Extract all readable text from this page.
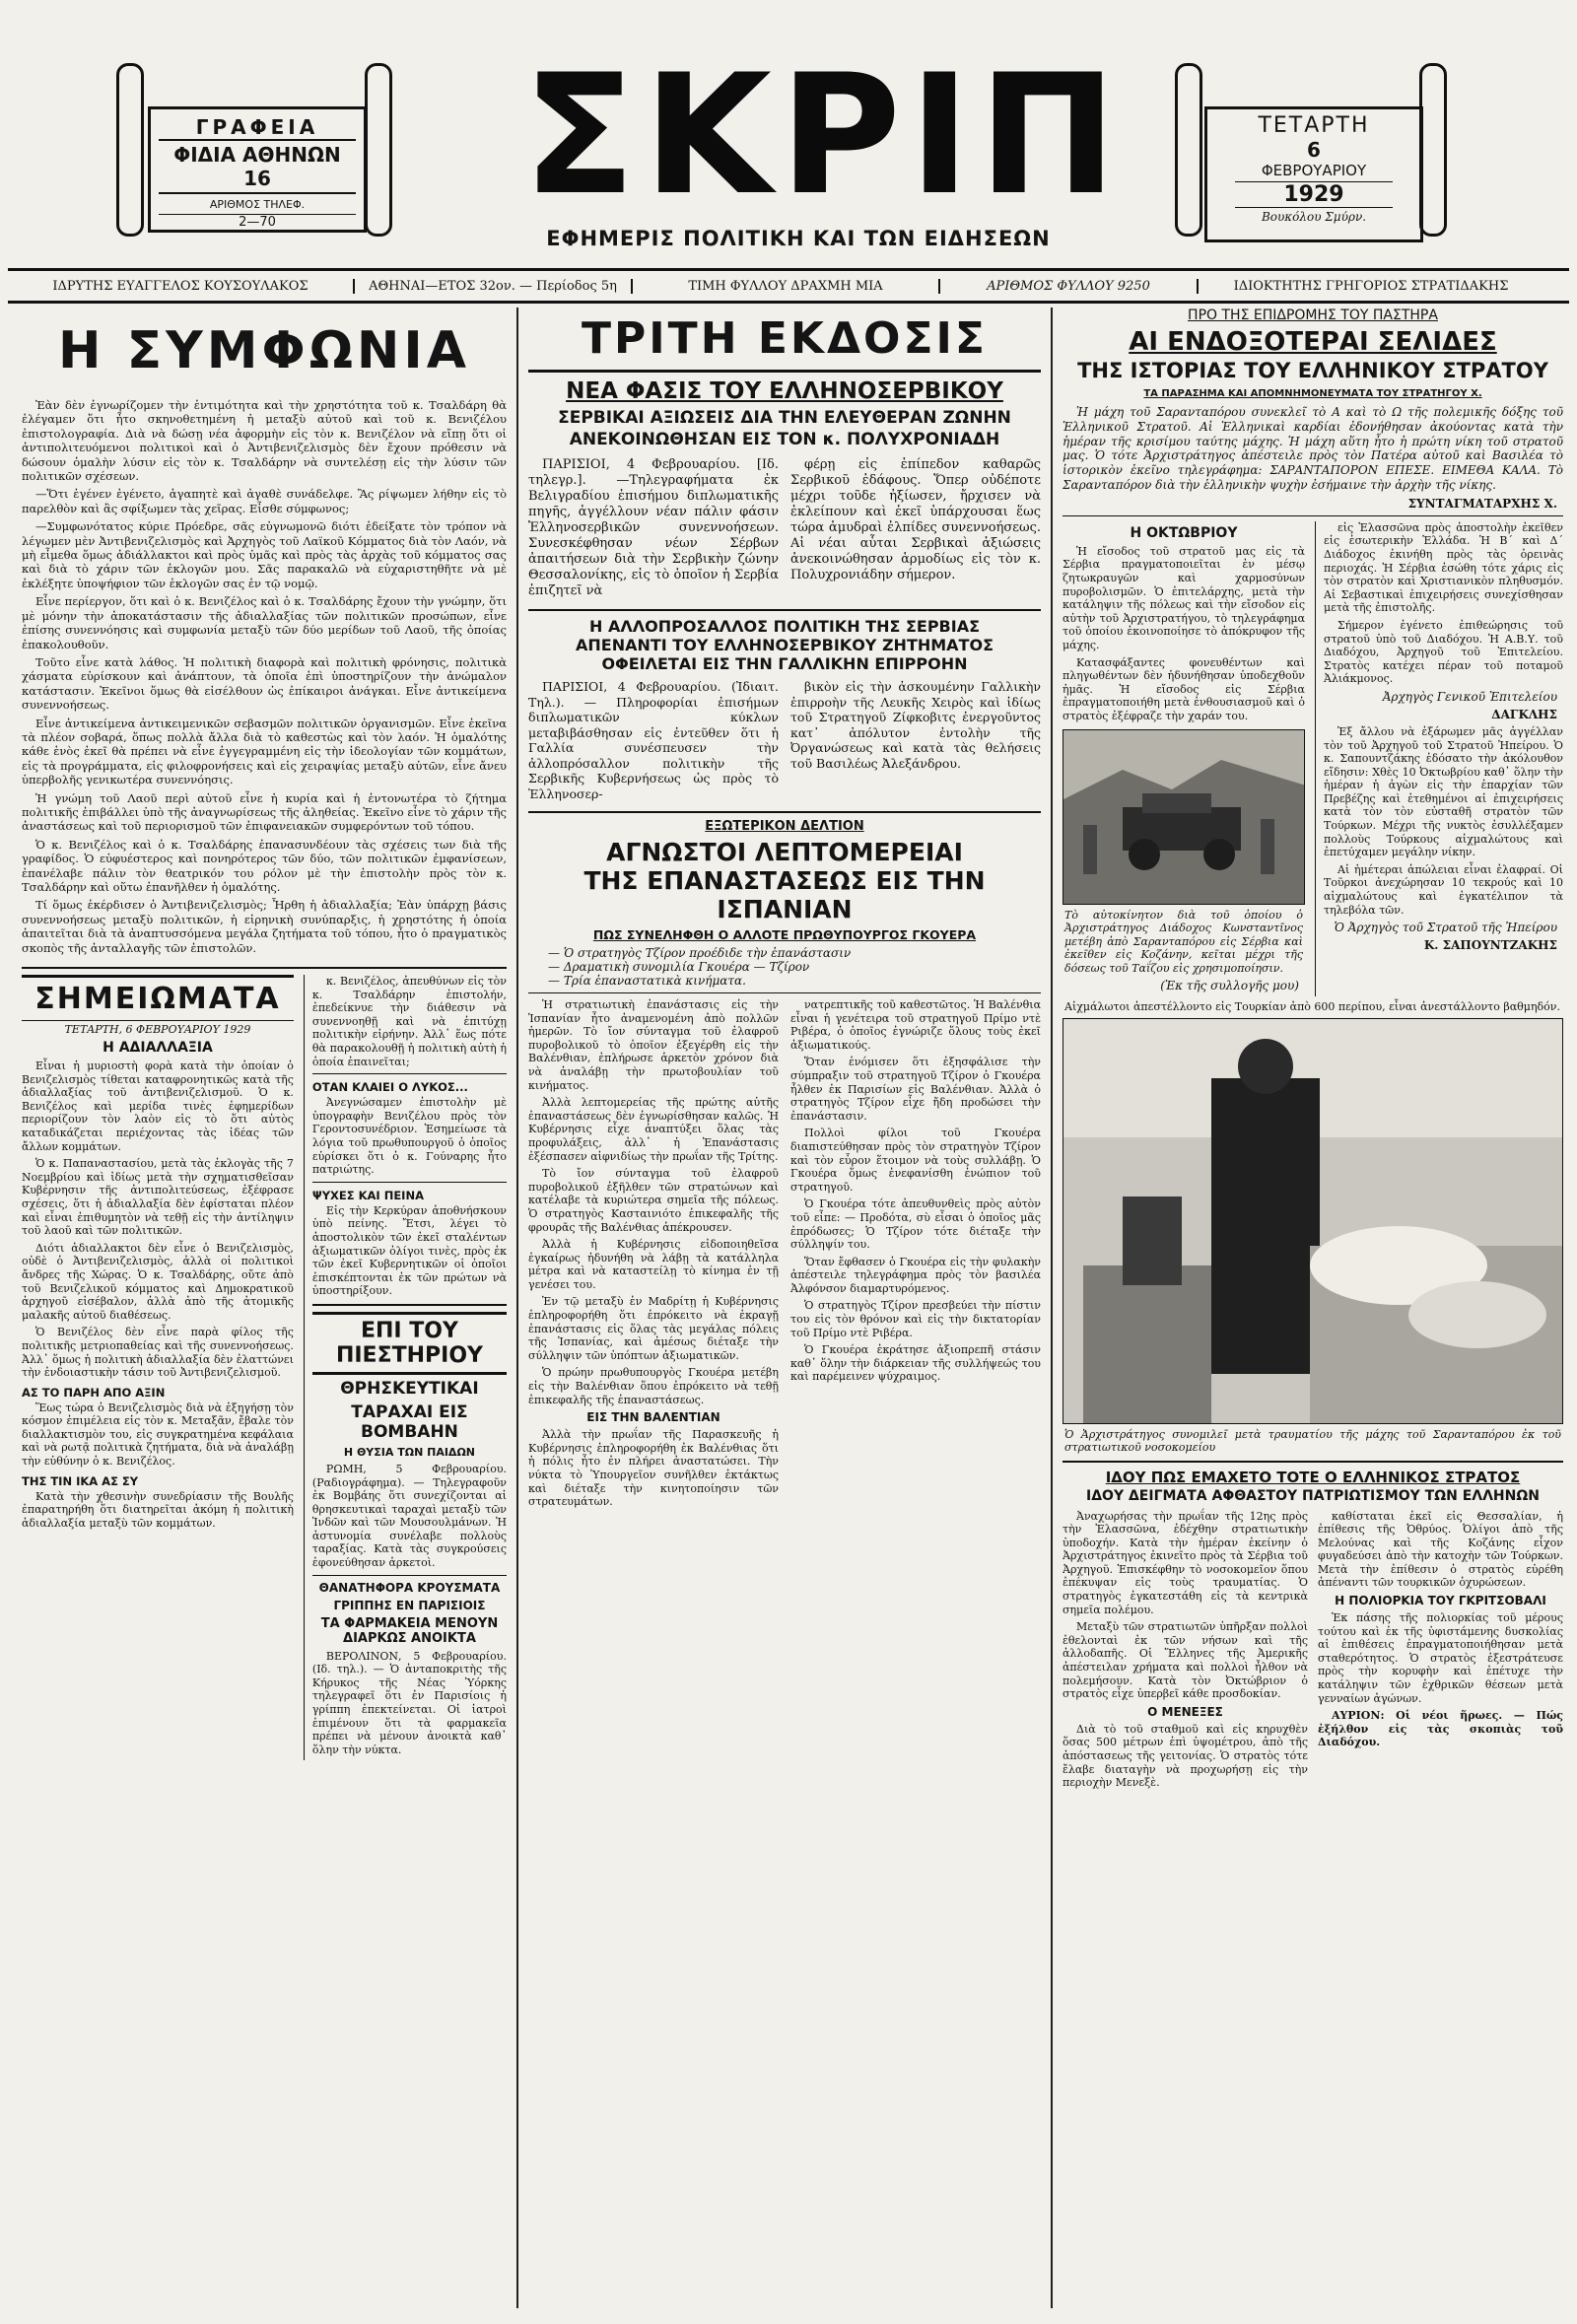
ΓΡΑΦΕΙΑ
ΦΙΔΙΑ ΑΘΗΝΩΝ 16
ΑΡΙΘΜΟΣ ΤΗΛΕΦ.
2—70	ΣΚΡΙΠ
ΕΦΗΜΕΡΙΣ ΠΟΛΙΤΙΚΗ ΚΑΙ ΤΩΝ ΕΙΔΗΣΕΩΝ
ΤΕΤΑΡΤΗ
6
ΦΕΒΡΟΥΑΡΙΟΥ
1929
Βουκόλου Σμύρν.
ΙΔΡΥΤΗΣ ΕΥΑΓΓΕΛΟΣ ΚΟΥΣΟΥΛΑΚΟΣ	ΑΘΗΝΑΙ—ΕΤΟΣ 32ον. — Περίοδος 5η	ΤΙΜΗ ΦΥΛΛΟΥ ΔΡΑΧΜΗ ΜΙΑ	ΑΡΙΘΜΟΣ ΦΥΛΛΟΥ 9250	ΙΔΙΟΚΤΗΤΗΣ ΓΡΗΓΟΡΙΟΣ ΣΤΡΑΤΙΔΑΚΗΣ
Η ΣΥΜΦΩΝΙΑ

Ἐὰν δὲν ἐγνωρίζομεν τὴν ἐντιμότητα καὶ τὴν χρηστότητα τοῦ κ. Τσαλδάρη θὰ ἐλέγαμεν ὅτι ἦτο σκηνοθετημένη ἡ μεταξὺ αὐτοῦ καὶ τοῦ κ. Βενιζέλου ἐπιστολογραφία. Διὰ νὰ δώσῃ νέα ἀφορμὴν εἰς τὸν κ. Βενιζέλον νὰ εἴπῃ ὅτι οἱ ἀντιπολιτευόμενοι πολιτικοὶ καὶ ὁ Ἀντιβενιζελισμὸς δὲν ἔχουν πρόθεσιν νὰ δώσουν ὁμαλὴν λύσιν εἰς τὸν κ. Τσαλδάρην νὰ συντελέσῃ εἰς τὴν λύσιν τῶν πολιτικῶν σχέσεων.

—Ὅτι ἐγένεν ἐγένετο, ἀγαπητὲ καὶ ἀγαθὲ συνάδελφε. Ἂς ρίψωμεν λήθην εἰς τὸ παρελθὸν καὶ ἂς σφίξωμεν τὰς χεῖρας. Εἶσθε σύμφωνος;

—Συμφωνότατος κύριε Πρόεδρε, σᾶς εὐγνωμονῶ διότι ἐδείξατε τὸν τρόπον νὰ λέγωμεν μὲν Ἀντιβενιζελισμὸς καὶ Ἀρχηγὸς τοῦ Λαϊκοῦ Κόμματος διὰ τὸν Λαόν, νὰ μὴ εἶμεθα ὅμως ἀδιάλλακτοι καὶ πρὸς ὑμᾶς καὶ πρὸς τὰς ἀρχὰς τοῦ κόμματος σας καὶ διὰ τὸ χάριν τῶν ἐκλογῶν μου. Σᾶς παρακαλῶ νὰ εὐχαριστηθῆτε νὰ μὲ ἐκλέξητε ὑποψήφιον τῶν ἐκλογῶν σας ἐν τῷ νομῷ.

Εἶνε περίεργον, ὅτι καὶ ὁ κ. Βενιζέλος καὶ ὁ κ. Τσαλδάρης ἔχουν τὴν γνώμην, ὅτι μὲ μόνην τὴν ἀποκατάστασιν τῆς ἀδιαλλαξίας τῶν πολιτικῶν προσώπων, εἶνε ἐπίσης συνεννόησις καὶ συμφωνία μεταξὺ τῶν δύο μερίδων τοῦ Λαοῦ, τῆς ὁποίας ἐπακολουθοῦν.

Τοῦτο εἶνε κατὰ λάθος. Ἡ πολιτικὴ διαφορὰ καὶ πολιτικὴ φρόνησις, πολιτικὰ χάσματα εὑρίσκουν καὶ ἀνάπτουν, τὰ ὁποῖα ἐπὶ ὑποστηρίζουν τὴν ἀνώμαλον κατάστασιν. Ἐκεῖνοι ὅμως θὰ εἰσέλθουν ὡς ἐπίκαιροι ἀνάγκαι. Εἶνε ἀντικείμενα συνεννοήσεως.

Εἶνε ἀντικείμενα ἀντικειμενικῶν σεβασμῶν πολιτικῶν ὀργανισμῶν. Εἶνε ἐκεῖνα τὰ πλέον σοβαρά, ὅπως πολλὰ ἄλλα διὰ τὸ καθεστὼς καὶ τὸν λαόν. Ἡ ὁμαλότης κάθε ἑνὸς ἐκεῖ θὰ πρέπει νὰ εἶνε ἐγγεγραμμένη εἰς τὴν ἰδεολογίαν τῶν κομμάτων, εἰς τὰ προγράμματα, εἰς φιλοφρονήσεις καὶ εἰς χειραψίας μεταξὺ αὐτῶν, εἶνε ἄνευ ὑπερβολῆς γενικωτέρα συνεννόησις.

Ἡ γνώμη τοῦ Λαοῦ περὶ αὐτοῦ εἶνε ἡ κυρία καὶ ἡ ἐντονωτέρα τὸ ζήτημα πολιτικῆς ἐπιβάλλει ὑπὸ τῆς ἀναγνωρίσεως τῆς ἀληθείας. Ἐκεῖνο εἶνε τὸ χάριν τῆς ἀναστάσεως καὶ τοῦ περιορισμοῦ τῶν ἐπιφανειακῶν συμφερόντων τοῦ τόπου.

Ὁ κ. Βενιζέλος καὶ ὁ κ. Τσαλδάρης ἐπανασυνδέουν τὰς σχέσεις των διὰ τῆς γραφίδος. Ὁ εὐφυέστερος καὶ πονηρότερος τῶν δύο, τῶν πολιτικῶν ἐμφανίσεων, ἐπανέλαβε πάλιν τὸν θεατρικόν του ρόλον μὲ τὴν ἐπιστολὴν πρὸς τὸν κ. Τσαλδάρην καὶ οὕτω ἐπανῆλθεν ἡ ὁμαλότης.

Τί ὅμως ἐκέρδισεν ὁ Ἀντιβενιζελισμὸς; Ἦρθη ἡ ἀδιαλλαξία; Ἐὰν ὑπάρχῃ βάσις συνεννοήσεως μεταξὺ πολιτικῶν, ἡ εἰρηνικὴ συνύπαρξις, ἡ χρηστότης ἡ ὁποία ἀπαιτεῖται διὰ τὰ ἀναπτυσσόμενα μεγάλα ζητήματα τοῦ τόπου, ἦτο ὁ πραγματικὸς σκοπὸς τῆς ἀνταλλαγῆς τῶν ἐπιστολῶν.

ΣΗΜΕΙΩΜΑΤΑ
ΤΕΤΑΡΤΗ, 6 ΦΕΒΡΟΥΑΡΙΟΥ 1929
Η ΑΔΙΑΛΛΑΞΙΑ

Εἶναι ἡ μυριοστὴ φορὰ κατὰ τὴν ὁποίαν ὁ Βενιζελισμὸς τίθεται καταφρονητικῶς κατὰ τῆς ἀδιαλλαξίας τοῦ ἀντιβενιζελισμοῦ. Ὁ κ. Βενιζέλος καὶ μερίδα τινὲς ἐφημερίδων περιορίζουν τὸν λαὸν εἰς τὸ ὅτι αὐτὸς καταδικάζεται περιέχοντας τὰς ἰδέας τῶν ἄλλων κομμάτων.

Ὁ κ. Παπαναστασίου, μετὰ τὰς ἐκλογὰς τῆς 7 Νοεμβρίου καὶ ἰδίως μετὰ τὴν σχηματισθεῖσαν Κυβέρνησιν τῆς ἀντιπολιτεύσεως, ἐξέφρασε σχέσεις, ὅτι ἡ ἀδιαλλαξία δὲν ἐφίσταται πλέον καὶ εἶναι ἐπιθυμητὸν νὰ τεθῇ εἰς τὴν ἀντίληψιν τοῦ λαοῦ καὶ τῶν πολιτικῶν.

Διότι ἀδιαλλακτοι δὲν εἶνε ὁ Βενιζελισμὸς, οὐδὲ ὁ Ἀντιβενιζελισμὸς, ἀλλὰ οἱ πολιτικοὶ ἄνδρες τῆς Χώρας. Ὁ κ. Τσαλδάρης, οὔτε ἀπὸ τοῦ Βενιζελικοῦ κόμματος καὶ Δημοκρατικοῦ ἀρχηγοῦ εἰσέβαλον, ἀλλὰ ἀπὸ τῆς ἀτομικῆς μαλακῆς αὐτοῦ διαθέσεως.

Ὁ Βενιζέλος δὲν εἶνε παρὰ φίλος τῆς πολιτικῆς μετριοπαθείας καὶ τῆς συνεννοήσεως. Ἀλλ᾽ ὅμως ἡ πολιτικὴ ἀδιαλλαξία δὲν ἐλαττώνει τὴν ἐνδοιαστικὴν τάσιν τοῦ Ἀντιβενιζελισμοῦ.

ΑΣ ΤΟ ΠΑΡΗ ΑΠΟ ΑΞΙΝ

Ἕως τώρα ὁ Βενιζελισμὸς διὰ νὰ ἐξηγήσῃ τὸν κόσμον ἐπιμέλεια εἰς τὸν κ. Μεταξᾶν, ἔβαλε τὸν διαλλακτισμὸν του, εἰς συγκρατημένα κεφάλαια καὶ νὰ ρωτᾷ πολιτικὰ ζητήματα, διὰ νὰ ἀναλάβῃ τὴν εὐθύνην ὁ κ. Βενιζέλος.

ΤΗΣ ΤΙΝ ΙΚΑ ΑΣ ΣΥ

Κατὰ τὴν χθεσινὴν συνεδρίασιν τῆς Βουλῆς ἐπαρατηρήθη ὅτι διατηρεῖται ἀκόμη ἡ πολιτικὴ ἀδιαλλαξία μεταξὺ τῶν κομμάτων.

κ. Βενιζέλος, ἀπευθύνων εἰς τὸν κ. Τσαλδάρην ἐπιστολήν, ἐπεδείκνυε τὴν διάθεσιν νὰ συνεννοηθῇ καὶ νὰ ἐπιτύχῃ πολιτικὴν εἰρήνην. Ἀλλ᾽ ἕως πότε θὰ παρακολουθῇ ἡ πολιτικὴ αὐτὴ ἡ ὁποία ἐπαινεῖται;

ΟΤΑΝ ΚΛΑΙΕΙ Ο ΛΥΚΟΣ...

Ἀνεγνώσαμεν ἐπιστολὴν μὲ ὑπογραφὴν Βενιζέλου πρὸς τὸν Γεροντοσυνέδριον. Ἐσημείωσε τὰ λόγια τοῦ πρωθυπουργοῦ ὁ ὁποῖος εὑρίσκει ὅτι ὁ κ. Γούναρης ἦτο πατριώτης.

ΨΥΧΕΣ ΚΑΙ ΠΕΙΝΑ

Εἰς τὴν Κερκύραν ἀποθνήσκουν ὑπὸ πείνης. Ἔτσι, λέγει τὸ ἀποστολικὸν τῶν ἐκεῖ σταλέντων ἀξιωματικῶν ὀλίγοι τινὲς, πρὸς ἐκ τῶν ἐκεῖ Κυβερνητικῶν οἱ ὁποῖοι ἐπισκέπτονται ἐκ τῶν πρώτων νὰ ὑποστηρίξουν.

ΕΠΙ ΤΟΥ ΠΙΕΣΤΗΡΙΟΥ
ΘΡΗΣΚΕΥΤΙΚΑΙ
ΤΑΡΑΧΑΙ ΕΙΣ ΒΟΜΒΑΗΝ
Η ΘΥΣΙΑ ΤΩΝ ΠΑΙΔΩΝ

ΡΩΜΗ, 5 Φεβρουαρίου. (Ραδιογράφημα). — Τηλεγραφοῦν ἐκ Βομβάης ὅτι συνεχίζονται αἱ θρησκευτικαὶ ταραχαὶ μεταξὺ τῶν Ἰνδῶν καὶ τῶν Μουσουλμάνων. Ἡ ἀστυνομία συνέλαβε πολλοὺς ταραξίας. Κατὰ τὰς συγκρούσεις ἐφονεύθησαν ἀρκετοὶ.

ΘΑΝΑΤΗΦΟΡΑ ΚΡΟΥΣΜΑΤΑ
ΓΡΙΠΠΗΣ ΕΝ ΠΑΡΙΣΙΟΙΣ
ΤΑ ΦΑΡΜΑΚΕΙΑ ΜΕΝΟΥΝ ΔΙΑΡΚΩΣ ΑΝΟΙΚΤΑ

ΒΕΡΟΛΙΝΟΝ, 5 Φεβρουαρίου. (Ιδ. τηλ.). — Ὁ ἀνταποκριτὴς τῆς Κήρυκος τῆς Νέας Ὑόρκης τηλεγραφεῖ ὅτι ἐν Παρισίοις ἡ γρίππη ἐπεκτείνεται. Οἱ ἰατροὶ ἐπιμένουν ὅτι τὰ φαρμακεῖα πρέπει νὰ μένουν ἀνοικτὰ καθ᾽ ὅλην τὴν νύκτα.

ΤΡΙΤΗ ΕΚΔΟΣΙΣ
ΝΕΑ ΦΑΣΙΣ ΤΟΥ ΕΛΛΗΝΟΣΕΡΒΙΚΟΥ
ΣΕΡΒΙΚΑΙ ΑΞΙΩΣΕΙΣ ΔΙΑ ΤΗΝ ΕΛΕΥΘΕΡΑΝ ΖΩΝΗΝ
ΑΝΕΚΟΙΝΩΘΗΣΑΝ ΕΙΣ ΤΟΝ κ. ΠΟΛΥΧΡΟΝΙΑΔΗ

ΠΑΡΙΣΙΟΙ, 4 Φεβρουαρίου. [Ιδ. τηλεγρ.]. —Τηλεγραφήματα ἐκ Βελιγραδίου ἐπισήμου διπλωματικῆς πηγῆς, ἀγγέλλουν νέαν πάλιν φάσιν Ἑλληνοσερβικῶν συνεννοήσεων. Συνεσκέφθησαν νέων Σέρβων ἀπαιτήσεων διὰ τὴν Σερβικὴν ζώνην Θεσσαλονίκης, εἰς τὸ ὁποῖον ἡ Σερβία ἐπιζητεῖ νὰ

φέρῃ εἰς ἐπίπεδον καθαρῶς Σερβικοῦ ἐδάφους. Ὅπερ οὐδέποτε μέχρι τοῦδε ἠξίωσεν, ἤρχισεν νὰ ἐκλείπουν καὶ ἐκεῖ ὑπάρχουσαι ἕως τώρα ἀμυδραὶ ἐλπίδες συνεννοήσεως. Αἱ νέαι αὗται Σερβικαὶ ἀξιώσεις ἀνεκοινώθησαν ἁρμοδίως εἰς τὸν κ. Πολυχρονιάδην σήμερον.

Η ΑΛΛΟΠΡΟΣΑΛΛΟΣ ΠΟΛΙΤΙΚΗ ΤΗΣ ΣΕΡΒΙΑΣ
ΑΠΕΝΑΝΤΙ ΤΟΥ ΕΛΛΗΝΟΣΕΡΒΙΚΟΥ ΖΗΤΗΜΑΤΟΣ
ΟΦΕΙΛΕΤΑΙ ΕΙΣ ΤΗΝ ΓΑΛΛΙΚΗΝ ΕΠΙΡΡΟΗΝ

ΠΑΡΙΣΙΟΙ, 4 Φεβρουαρίου. (Ἰδιαιτ. Τηλ.). — Πληροφορίαι ἐπισήμων διπλωματικῶν κύκλων μεταβιβάσθησαν εἰς ἐντεῦθεν ὅτι ἡ Γαλλία συνέσπευσεν τὴν ἀλλοπρόσαλλον πολιτικὴν τῆς Σερβικῆς Κυβερνήσεως ὡς πρὸς τὸ Ἑλληνοσερ-

βικὸν εἰς τὴν ἀσκουμένην Γαλλικὴν ἐπιρροὴν τῆς Λευκῆς Χειρὸς καὶ ἰδίως τοῦ Στρατηγοῦ Ζίφκοβιτς ἐνεργοῦντος κατ᾽ ἀπόλυτον ἐντολὴν τῆς Ὀργανώσεως καὶ κατὰ τὰς θελήσεις τοῦ Βασιλέως Ἀλεξάνδρου.

ΕΞΩΤΕΡΙΚΟΝ ΔΕΛΤΙΟΝ
ΑΓΝΩΣΤΟΙ ΛΕΠΤΟΜΕΡΕΙΑΙ
ΤΗΣ ΕΠΑΝΑΣΤΑΣΕΩΣ ΕΙΣ ΤΗΝ ΙΣΠΑΝΙΑΝ
ΠΩΣ ΣΥΝΕΛΗΦΘΗ Ο ΑΛΛΟΤΕ ΠΡΩΘΥΠΟΥΡΓΟΣ ΓΚΟΥΕΡΑ
— Ὁ στρατηγὸς Τζίρον προέδιδε τὴν ἐπανάστασιν
— Δραματικὴ συνομιλία Γκουέρα — Τζίρον
— Τρία ἐπαναστατικὰ κινήματα.

Ἡ στρατιωτικὴ ἐπανάστασις εἰς τὴν Ἱσπανίαν ἦτο ἀναμενομένη ἀπὸ πολλῶν ἡμερῶν. Τὸ ἴον σύνταγμα τοῦ ἐλαφροῦ πυροβολικοῦ τὸ ὁποῖον ἐξεγέρθη εἰς τὴν Βαλένθιαν, ἐπλήρωσε ἀρκετὸν χρόνον διὰ νὰ ἀναλάβῃ τὴν πρωτοβουλίαν τοῦ κινήματος.

Ἀλλὰ λεπτομερείας τῆς πρώτης αὐτῆς ἐπαναστάσεως δὲν ἐγνωρίσθησαν καλῶς. Ἡ Κυβέρνησις εἶχε ἀναπτύξει ὅλας τὰς προφυλάξεις, ἀλλ᾽ ἡ Ἐπανάστασις ἐξέσπασεν αἰφνιδίως τὴν πρωΐαν τῆς Τρίτης.

Τὸ ἴον σύνταγμα τοῦ ἐλαφροῦ πυροβολικοῦ ἐξῆλθεν τῶν στρατώνων καὶ κατέλαβε τὰ κυριώτερα σημεῖα τῆς πόλεως. Ὁ στρατηγὸς Κασταινιότο ἐπικεφαλῆς τῆς φρουρᾶς τῆς Βαλένθιας ἀπέκρουσεν.

Ἀλλὰ ἡ Κυβέρνησις εἰδοποιηθεῖσα ἐγκαίρως ἠδυνήθη νὰ λάβῃ τὰ κατάλληλα μέτρα καὶ νὰ καταστείλῃ τὸ κίνημα ἐν τῇ γενέσει του.

Ἐν τῷ μεταξὺ ἐν Μαδρίτῃ ἡ Κυβέρνησις ἐπληροφορήθη ὅτι ἐπρόκειτο νὰ ἐκραγῇ ἐπανάστασις εἰς ὅλας τὰς μεγάλας πόλεις τῆς Ἱσπανίας, καὶ ἀμέσως διέταξε τὴν σύλληψιν τῶν ὑπόπτων ἀξιωματικῶν.

Ὁ πρώην πρωθυπουργὸς Γκουέρα μετέβη εἰς τὴν Βαλένθιαν ὅπου ἐπρόκειτο νὰ τεθῇ ἐπικεφαλῆς τῆς ἐπαναστάσεως.

ΕΙΣ ΤΗΝ ΒΑΛΕΝΤΙΑΝ

Ἀλλὰ τὴν πρωΐαν τῆς Παρασκευῆς ἡ Κυβέρνησις ἐπληροφορήθη ἐκ Βαλένθιας ὅτι ἡ πόλις ἦτο ἐν πλήρει ἀναστατώσει. Τὴν νύκτα τὸ Ὑπουργεῖον συνῆλθεν ἐκτάκτως καὶ διέταξε τὴν κινητοποίησιν τῶν στρατευμάτων.

νατρεπτικῆς τοῦ καθεστῶτος. Ἡ Βαλένθια εἶναι ἡ γενέτειρα τοῦ στρατηγοῦ Πρίμο ντὲ Ριβέρα, ὁ ὁποῖος ἐγνώριζε ὅλους τοὺς ἐκεῖ ἀξιωματικούς.

Ὅταν ἐνόμισεν ὅτι ἐξησφάλισε τὴν σύμπραξιν τοῦ στρατηγοῦ Τζίρον ὁ Γκουέρα ἦλθεν ἐκ Παρισίων εἰς Βαλένθιαν. Ἀλλὰ ὁ στρατηγὸς Τζίρον εἶχε ἤδη προδώσει τὴν ἐπανάστασιν.

Πολλοὶ φίλοι τοῦ Γκουέρα διαπιστεύθησαν πρὸς τὸν στρατηγὸν Τζίρον καὶ τὸν εὗρον ἕτοιμον νὰ τοὺς συλλάβῃ. Ὁ Γκουέρα ὅμως ἐνεφανίσθη ἐνώπιον τοῦ στρατηγοῦ.

Ὁ Γκουέρα τότε ἀπευθυνθεὶς πρὸς αὐτὸν τοῦ εἶπε: — Προδότα, σὺ εἶσαι ὁ ὁποῖος μᾶς ἐπρόδωσες; Ὁ Τζίρον τότε διέταξε τὴν σύλληψίν του.

Ὅταν ἔφθασεν ὁ Γκουέρα εἰς τὴν φυλακὴν ἀπέστειλε τηλεγράφημα πρὸς τὸν βασιλέα Ἀλφόνσον διαμαρτυρόμενος.

Ὁ στρατηγὸς Τζίρον πρεσβεύει τὴν πίστιν του εἰς τὸν θρόνον καὶ εἰς τὴν δικτατορίαν τοῦ Πρίμο ντὲ Ριβέρα.

Ὁ Γκουέρα ἐκράτησε ἀξιοπρεπῆ στάσιν καθ᾽ ὅλην τὴν διάρκειαν τῆς συλλήψεώς του καὶ παρέμεινεν ψύχραιμος.

ΠΡΟ ΤΗΣ ΕΠΙΔΡΟΜΗΣ ΤΟΥ ΠΑΣΤΗΡΑ
ΑΙ ΕΝΔΟΞΟΤΕΡΑΙ ΣΕΛΙΔΕΣ
ΤΗΣ ΙΣΤΟΡΙΑΣ ΤΟΥ ΕΛΛΗΝΙΚΟΥ ΣΤΡΑΤΟΥ
ΤΑ ΠΑΡΑΣΗΜΑ ΚΑΙ ΑΠΟΜΝΗΜΟΝΕΥΜΑΤΑ ΤΟΥ ΣΤΡΑΤΗΓΟΥ Χ.

Ἡ μάχη τοῦ Σαρανταπόρου συνεκλεῖ τὸ Α καὶ τὸ Ω τῆς πολεμικῆς δόξης τοῦ Ἑλληνικοῦ Στρατοῦ. Αἱ Ἑλληνικαὶ καρδίαι ἐδονήθησαν ἀκούοντας κατὰ τὴν ἡμέραν τῆς κρισίμου ταύτης μάχης. Ἡ μάχη αὕτη ἦτο ἡ πρώτη νίκη τοῦ στρατοῦ μας. Ὁ τότε Ἀρχιστράτηγος ἀπέστειλε πρὸς τὸν Πατέρα αὐτοῦ καὶ Βασιλέα τὸ ἱστορικὸν ἐκεῖνο τηλεγράφημα: ΣΑΡΑΝΤΑΠΟΡΟΝ ΕΠΕΣΕ. ΕΙΜΕΘΑ ΚΑΛΑ. Τὸ Σαρανταπόρον διὰ τὴν ἑλληνικὴν ψυχὴν ἐσήμαινε τὴν ἀρχὴν τῆς νίκης.

ΣΥΝΤΑΓΜΑΤΑΡΧΗΣ Χ.
Η ΟΚΤΩΒΡΙΟΥ

Ἡ εἴσοδος τοῦ στρατοῦ μας εἰς τὰ Σέρβια πραγματοποιεῖται ἐν μέσῳ ζητωκραυγῶν καὶ χαρμοσύνων πυροβολισμῶν. Ὁ ἐπιτελάρχης, μετὰ τὴν κατάληψιν τῆς πόλεως καὶ τὴν εἴσοδον εἰς αὐτὴν τοῦ Ἀρχιστρατήγου, τὸ τηλεγράφημα τοῦ ὁποίου ἐκοινοποίησε τὸ ἀπόκρυφον τῆς μάχης.

Κατασφάξαντες φονευθέντων καὶ πληγωθέντων δὲν ἠδυνήθησαν ὑποδεχθοῦν ἡμᾶς. Ἡ εἴσοδος εἰς Σέρβια ἐπραγματοποιήθη μετὰ ἐνθουσιασμοῦ καὶ ὁ στρατὸς ἐξέφραζε τὴν χαράν του.

Τὸ αὐτοκίνητον διὰ τοῦ ὁποίου ὁ Ἀρχιστράτηγος Διάδοχος Κωνσταντῖνος μετέβη ἀπὸ Σαρανταπόρου εἰς Σέρβια καὶ ἐκεῖθεν εἰς Κοζάνην, κεῖται μέχρι τῆς δόσεως τοῦ Ταΐζου εἰς χρησιμοποίησιν.

(Ἐκ τῆς συλλογῆς μου)

εἰς Ἐλασσῶνα πρὸς ἀποστολὴν ἐκεῖθεν εἰς ἐσωτερικὴν Ἑλλάδα. Ἡ Β΄ καὶ Δ΄ Διάδοχος ἐκινήθη πρὸς τὰς ὀρεινὰς περιοχάς. Ἡ Σέρβια ἐσώθη τότε χάρις εἰς τὸν στρατὸν καὶ Χριστιανικὸν πληθυσμόν. Αἱ Σεβαστικαὶ ἐπιχειρήσεις συνεχίσθησαν μετὰ τῆς ἐπιστολῆς.

Σήμερον ἐγένετο ἐπιθεώρησις τοῦ στρατοῦ ὑπὸ τοῦ Διαδόχου. Ἡ Α.Β.Υ. τοῦ Διαδόχου, Ἀρχηγοῦ τοῦ Ἐπιτελείου. Στρατὸς κατέχει πέραν τοῦ ποταμοῦ Ἀλιάκμονος.

Ἀρχηγὸς Γενικοῦ Ἐπιτελείου
ΔΑΓΚΛΗΣ

Ἐξ ἄλλου νὰ ἐξάρωμεν μᾶς ἀγγέλλαν τὸν τοῦ Ἀρχηγοῦ τοῦ Στρατοῦ Ἠπείρου. Ὁ κ. Σαπουντζάκης ἐδόσατο τὴν ἀκόλουθον εἴδησιν: Χθὲς 10 Ὀκτωβρίου καθ᾽ ὅλην τὴν ἡμέραν ἡ ἀγὼν εἰς τὴν ἐπαρχίαν τῶν Πρεβέζης καὶ ἐτεθημένοι αἱ ἐπιχειρήσεις κατὰ τὸν τὸν εὐσταθῆ στρατὸν τῶν Τούρκων. Μέχρι τῆς νυκτὸς ἐσυλλέξαμεν πολλοὺς Τούρκους αἰχμαλώτους καὶ ἐπετύχαμεν μεγάλην νίκην.

Αἱ ἡμέτεραι ἀπώλειαι εἶναι ἐλαφραί. Οἱ Τοῦρκοι ἀνεχώρησαν 10 τεκρούς καὶ 10 αἰχμαλώτους καὶ ἐγκατέλιπον τὰ τηλεβόλα τῶν.

Ὁ Ἀρχηγὸς τοῦ Στρατοῦ τῆς Ἠπείρου
Κ. ΣΑΠΟΥΝΤΖΑΚΗΣ

Αἰχμάλωτοι ἀπεστέλλοντο εἰς Τουρκίαν ἀπὸ 600 περίπου, εἶναι ἀνεστάλλοντο βαθμηδόν.

Ὁ Ἀρχιστράτηγος συνομιλεῖ μετὰ τραυματίου τῆς μάχης τοῦ Σαρανταπόρου ἐκ τοῦ στρατιωτικοῦ νοσοκομείου

ΙΔΟΥ ΠΩΣ ΕΜΑΧΕΤΟ ΤΟΤΕ Ο ΕΛΛΗΝΙΚΟΣ ΣΤΡΑΤΟΣ
ΙΔΟΥ ΔΕΙΓΜΑΤΑ ΑΦΘΑΣΤΟΥ ΠΑΤΡΙΩΤΙΣΜΟΥ ΤΩΝ ΕΛΛΗΝΩΝ

Ἀναχωρήσας τὴν πρωΐαν τῆς 12ης πρὸς τὴν Ἐλασσῶνα, ἐδέχθην στρατιωτικὴν ὑποδοχήν. Κατὰ τὴν ἡμέραν ἐκείνην ὁ Ἀρχιστράτηγος ἐκινεῖτο πρὸς τὰ Σέρβια τοῦ Ἀρχηγοῦ. Ἐπισκέφθην τὸ νοσοκομεῖον ὅπου ἐπέκυψαν εἰς τοὺς τραυματίας. Ὁ στρατηγὸς ἐγκατεστάθη εἰς τὰ κεντρικὰ σημεῖα πολέμου.

Μεταξὺ τῶν στρατιωτῶν ὑπῆρξαν πολλοὶ ἐθελονταὶ ἐκ τῶν νήσων καὶ τῆς ἀλλοδαπῆς. Οἱ Ἕλληνες τῆς Ἀμερικῆς ἀπέστειλαν χρήματα καὶ πολλοὶ ἦλθον νὰ πολεμήσουν. Κατὰ τὸν Ὀκτώβριον ὁ στρατὸς εἶχε ὑπερβεῖ κάθε προσδοκίαν.

Ο ΜΕΝΕΞΕΣ

Διὰ τὸ τοῦ σταθμοῦ καὶ εἰς κηρυχθὲν ὅσας 500 μέτρων ἐπὶ ὑψομέτρου, ἀπὸ τῆς ἀπόστασεως τῆς γειτονίας. Ὁ στρατὸς τότε ἔλαβε διαταγὴν νὰ προχωρήσῃ εἰς τὴν περιοχὴν Μενεξὲ.

καθίσταται ἐκεῖ εἰς Θεσσαλίαν, ἡ ἐπίθεσις τῆς Ὀθρύος. Ὀλίγοι ἀπὸ τῆς Μελούνας καὶ τῆς Κοζάνης εἶχον φυγαδεύσει ἀπὸ τὴν κατοχὴν τῶν Τούρκων. Μετὰ τὴν ἐπίθεσιν ὁ στρατὸς εὑρέθη ἀπέναντι τῶν τουρκικῶν ὀχυρώσεων.

Η ΠΟΛΙΟΡΚΙΑ ΤΟΥ ΓΚΡΙΤΣΟΒΑΛΙ

Ἐκ πάσης τῆς πολιορκίας τοῦ μέρους τούτου καὶ ἐκ τῆς ὑφιστάμενης δυσκολίας αἱ ἐπιθέσεις ἐπραγματοποιήθησαν μετὰ σταθερότητος. Ὁ στρατὸς ἐξεστράτευσε πρὸς τὴν κορυφὴν καὶ ἐπέτυχε τὴν κατάληψιν τῶν ἐχθρικῶν θέσεων μετὰ γενναίων ἀγώνων.

ΑΥΡΙΟΝ: Οἱ νέοι ἥρωες. — Πώς ἐξήλθον εἰς τὰς σκοπιὰς τοῦ Διαδόχου.
